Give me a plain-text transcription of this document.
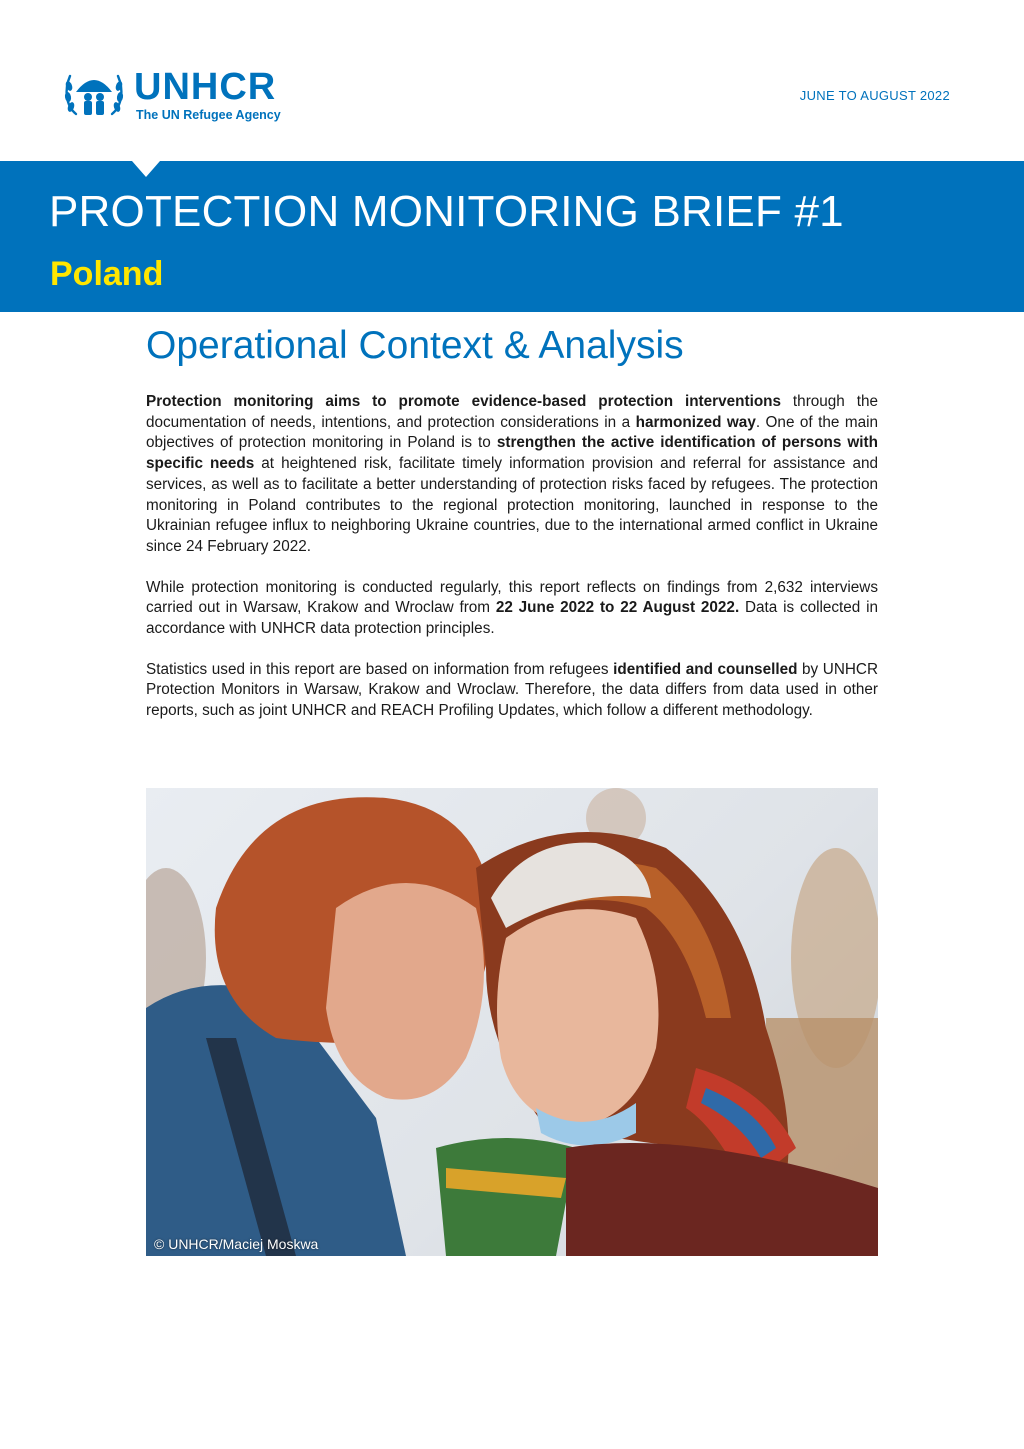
UNHCR
The UN Refugee Agency
JUNE TO AUGUST 2022
PROTECTION MONITORING BRIEF #1
Poland
Operational Context & Analysis

Protection monitoring aims to promote evidence-based protection interventions through the documentation of needs, intentions, and protection considerations in a harmonized way. One of the main objectives of protection monitoring in Poland is to strengthen the active identification of persons with specific needs at heightened risk, facilitate timely information provision and referral for assistance and services, as well as to facilitate a better understanding of protection risks faced by refugees. The protection monitoring in Poland contributes to the regional protection monitoring, launched in response to the Ukrainian refugee influx to neighboring Ukraine countries, due to the international armed conflict in Ukraine since 24 February 2022.

While protection monitoring is conducted regularly, this report reflects on findings from 2,632 interviews carried out in Warsaw, Krakow and Wroclaw from 22 June 2022 to 22 August 2022. Data is collected in accordance with UNHCR data protection principles.

Statistics used in this report are based on information from refugees identified and counselled by UNHCR Protection Monitors in Warsaw, Krakow and Wroclaw. Therefore, the data differs from data used in other reports, such as joint UNHCR and REACH Profiling Updates, which follow a different methodology.

© UNHCR/Maciej Moskwa
